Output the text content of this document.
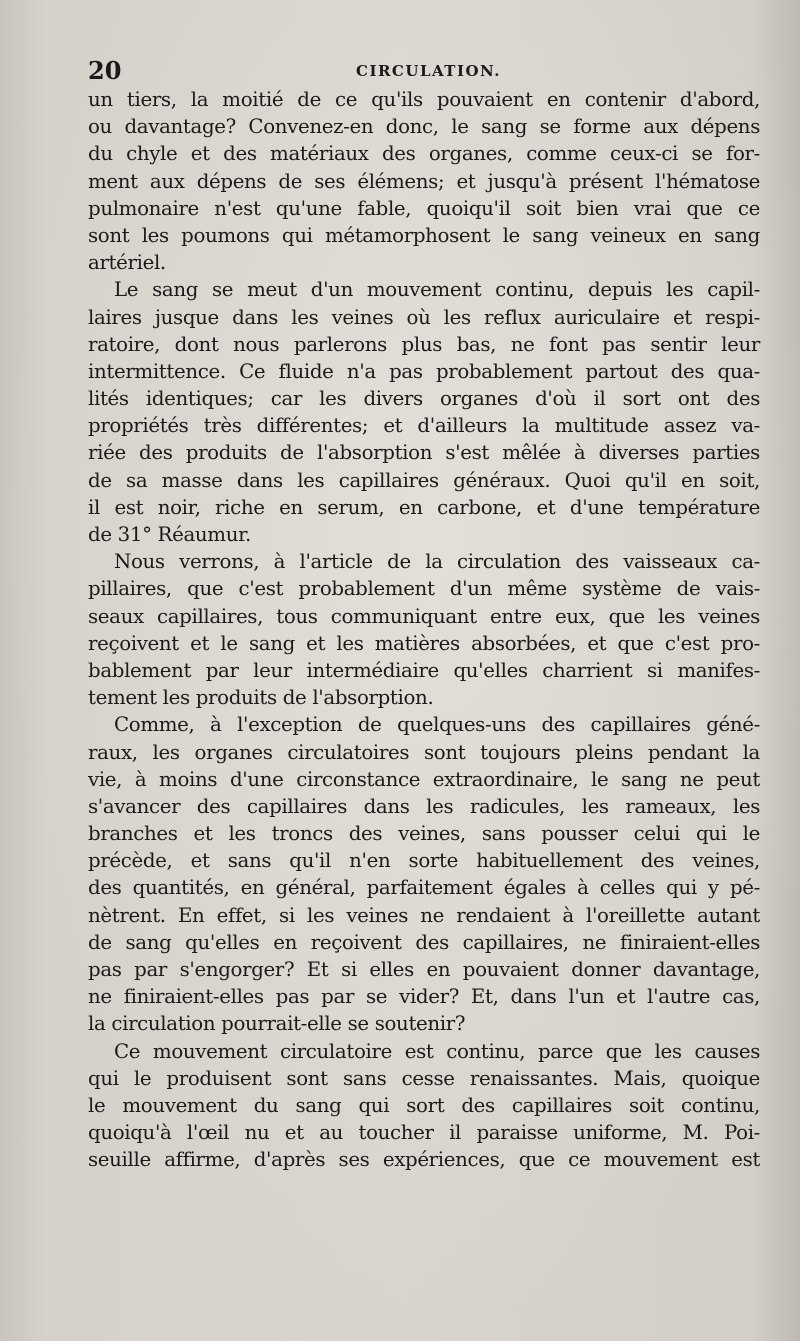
20	CIRCULATION.
un tiers, la moitié de ce qu'ils pouvaient en contenir d'abord,
ou davantage? Convenez-en donc, le sang se forme aux dépens
du chyle et des matériaux des organes, comme ceux-ci se for-
ment aux dépens de ses élémens; et jusqu'à présent l'hématose
pulmonaire n'est qu'une fable, quoiqu'il soit bien vrai que ce
sont les poumons qui métamorphosent le sang veineux en sang
artériel.
Le sang se meut d'un mouvement continu, depuis les capil-
laires jusque dans les veines où les reflux auriculaire et respi-
ratoire, dont nous parlerons plus bas, ne font pas sentir leur
intermittence. Ce fluide n'a pas probablement partout des qua-
lités identiques; car les divers organes d'où il sort ont des
propriétés très différentes; et d'ailleurs la multitude assez va-
riée des produits de l'absorption s'est mêlée à diverses parties
de sa masse dans les capillaires généraux. Quoi qu'il en soit,
il est noir, riche en serum, en carbone, et d'une température
de 31° Réaumur.
Nous verrons, à l'article de la circulation des vaisseaux ca-
pillaires, que c'est probablement d'un même système de vais-
seaux capillaires, tous communiquant entre eux, que les veines
reçoivent et le sang et les matières absorbées, et que c'est pro-
bablement par leur intermédiaire qu'elles charrient si manifes-
tement les produits de l'absorption.
Comme, à l'exception de quelques-uns des capillaires géné-
raux, les organes circulatoires sont toujours pleins pendant la
vie, à moins d'une circonstance extraordinaire, le sang ne peut
s'avancer des capillaires dans les radicules, les rameaux, les
branches et les troncs des veines, sans pousser celui qui le
précède, et sans qu'il n'en sorte habituellement des veines,
des quantités, en général, parfaitement égales à celles qui y pé-
nètrent. En effet, si les veines ne rendaient à l'oreillette autant
de sang qu'elles en reçoivent des capillaires, ne finiraient-elles
pas par s'engorger? Et si elles en pouvaient donner davantage,
ne finiraient-elles pas par se vider? Et, dans l'un et l'autre cas,
la circulation pourrait-elle se soutenir?
Ce mouvement circulatoire est continu, parce que les causes
qui le produisent sont sans cesse renaissantes. Mais, quoique
le mouvement du sang qui sort des capillaires soit continu,
quoiqu'à l'œil nu et au toucher il paraisse uniforme, M. Poi-
seuille affirme, d'après ses expériences, que ce mouvement est
